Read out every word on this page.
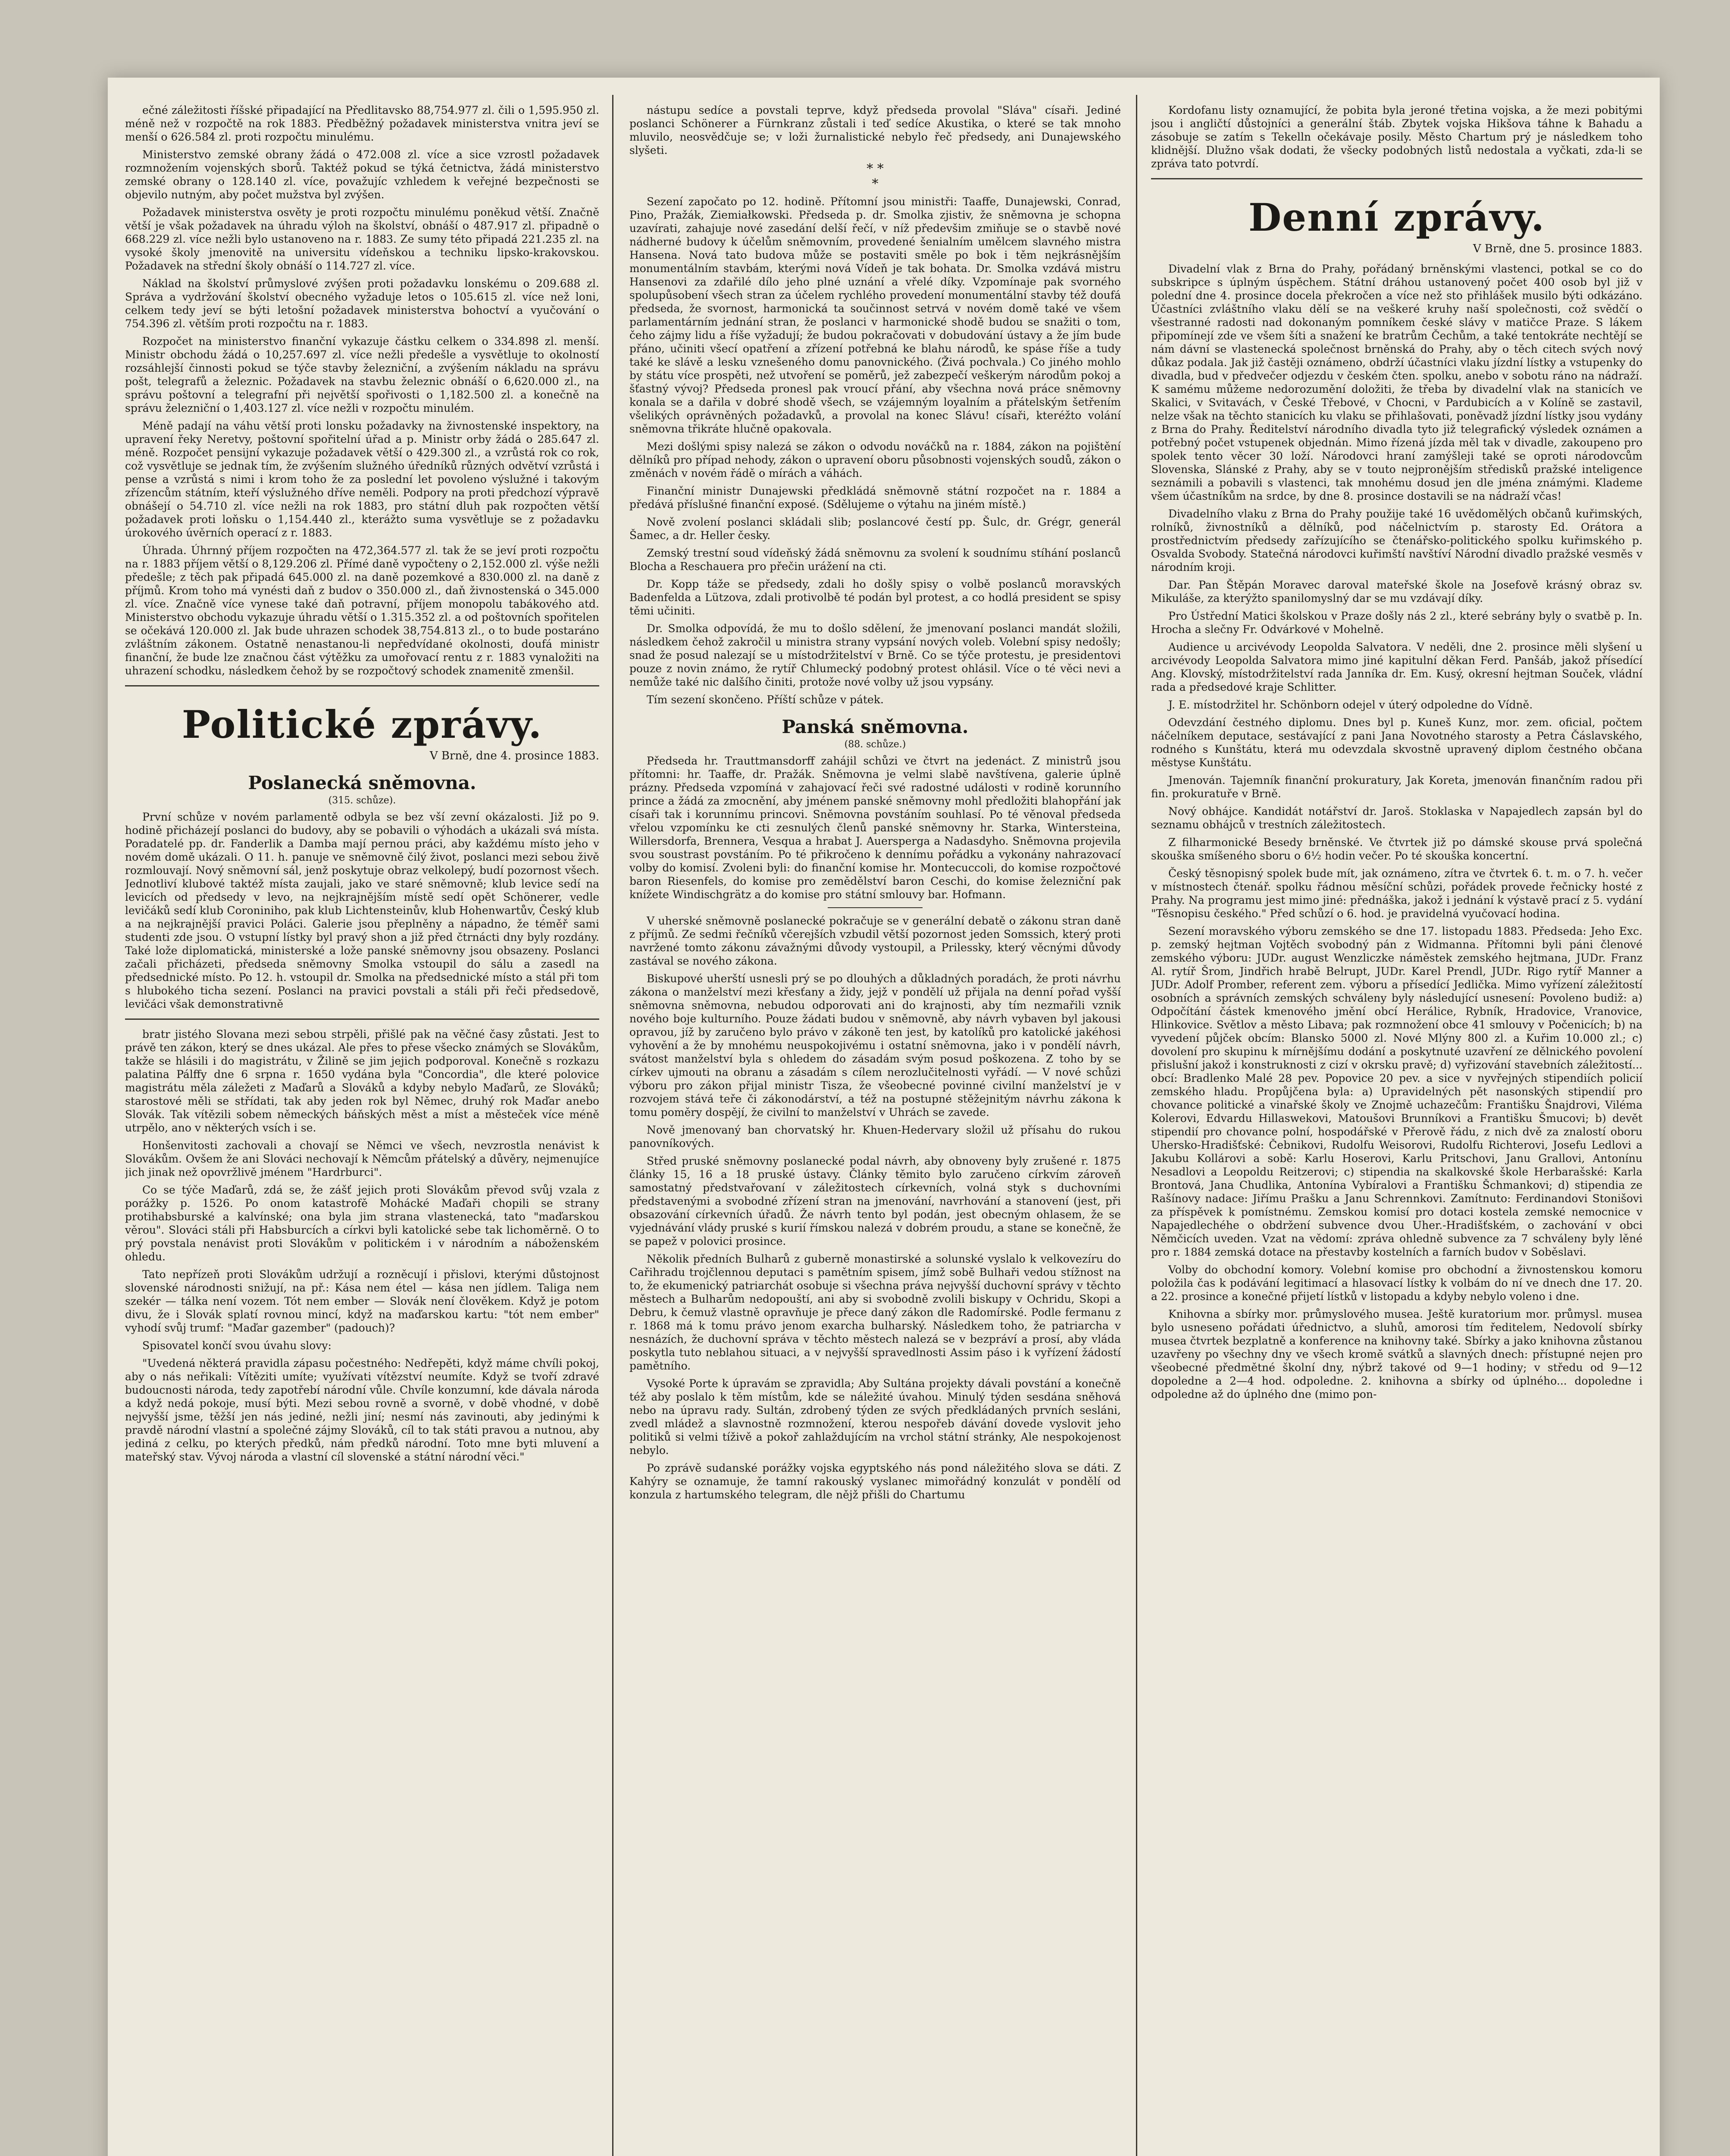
ečné záležitosti říšské připadající na Předlitavsko 88,754.977 zl. čili o 1,595.950 zl. méně než v rozpočtě na rok 1883. Předběžný požadavek ministerstva vnitra jeví se menší o 626.584 zl. proti rozpočtu minulému.

Ministerstvo zemské obrany žádá o 472.008 zl. více a sice vzrostl požadavek rozmnožením vojenských sborů. Taktéž pokud se týká četnictva, žádá ministerstvo zemské obrany o 128.140 zl. více, považujíc vzhledem k veřejné bezpečnosti se objevilo nutným, aby počet mužstva byl zvýšen.

Požadavek ministerstva osvěty je proti rozpočtu minulému poněkud větší. Značně větší je však požadavek na úhradu výloh na školství, obnáší o 487.917 zl. připadně o 668.229 zl. více nežli bylo ustanoveno na r. 1883. Ze sumy této připadá 221.235 zl. na vysoké školy jmenovitě na universitu vídeňskou a techniku lipsko-krakovskou. Požadavek na střední školy obnáší o 114.727 zl. více.

Náklad na školství průmyslové zvýšen proti požadavku lonskému o 209.688 zl. Správa a vydržování školství obecného vyžaduje letos o 105.615 zl. více než loni, celkem tedy jeví se býti letošní požadavek ministerstva bohoctví a vyučování o 754.396 zl. větším proti rozpočtu na r. 1883.

Rozpočet na ministerstvo finanční vykazuje částku celkem o 334.898 zl. menší. Ministr obchodu žádá o 10,257.697 zl. více nežli předešle a vysvětluje to okolností rozsáhlejší činnosti pokud se týče stavby železniční, a zvýšením nákladu na správu pošt, telegrafů a železnic. Požadavek na stavbu železnic obnáší o 6,620.000 zl., na správu poštovní a telegrafní při největší spořivosti o 1,182.500 zl. a konečně na správu železniční o 1,403.127 zl. více nežli v rozpočtu minulém.

Méně padají na váhu větší proti lonsku požadavky na živnostenské inspektory, na upravení řeky Neretvy, poštovní spořitelní úřad a p. Ministr orby žádá o 285.647 zl. méně. Rozpočet pensijní vykazuje požadavek větší o 429.300 zl., a vzrůstá rok co rok, což vysvětluje se jednak tím, že zvýšením služného úředníků různých odvětví vzrůstá i pense a vzrůstá s nimi i krom toho že za poslední let povoleno výslužné i takovým zřízencům státním, kteří výslužného dříve neměli. Podpory na proti předchozí výpravě obnášejí o 54.710 zl. více nežli na rok 1883, pro státní dluh pak rozpočten větší požadavek proti loňsku o 1,154.440 zl., kterážto suma vysvětluje se z požadavku úrokového úvěrních operací z r. 1883.

Úhrada. Úhrnný příjem rozpočten na 472,364.577 zl. tak že se jeví proti rozpočtu na r. 1883 příjem větší o 8,129.206 zl. Přímé daně vypočteny o 2,152.000 zl. výše nežli předešle; z těch pak připadá 645.000 zl. na daně pozemkové a 830.000 zl. na daně z příjmů. Krom toho má vynésti daň z budov o 350.000 zl., daň živnostenská o 345.000 zl. více. Značně více vynese také daň potravní, příjem monopolu tabákového atd. Ministerstvo obchodu vykazuje úhradu větší o 1.315.352 zl. a od poštovních spořitelen se očekává 120.000 zl. Jak bude uhrazen schodek 38,754.813 zl., o to bude postaráno zvláštním zákonem. Ostatně nenastanou-li nepředvídané okolnosti, doufá ministr finanční, že bude lze značnou část výtěžku za umořovací rentu z r. 1883 vynaložiti na uhrazení schodku, následkem čehož by se rozpočtový schodek znamenitě zmenšil.

Politické zprávy.
V Brně, dne 4. prosince 1883.
Poslanecká sněmovna.
(315. schůze).

První schůze v novém parlamentě odbyla se bez vší zevní okázalosti. Již po 9. hodině přicházejí poslanci do budovy, aby se pobavili o výhodách a ukázali svá místa. Poradatelé pp. dr. Fanderlik a Damba mají pernou práci, aby každému místo jeho v novém domě ukázali. O 11. h. panuje ve sněmovně čilý život, poslanci mezi sebou živě rozmlouvají. Nový sněmovní sál, jenž poskytuje obraz velkolepý, budí pozornost všech. Jednotliví klubové taktéž místa zaujali, jako ve staré sněmovně; klub levice sedí na levicích od předsedy v levo, na nejkrajnějším místě sedí opět Schönerer, vedle levičáků sedí klub Coroniniho, pak klub Lichtensteinův, klub Hohenwartův, Český klub a na nejkrajnější pravici Poláci. Galerie jsou přeplněny a nápadno, že téměř sami studenti zde jsou. O vstupní lístky byl pravý shon a již před čtrnácti dny byly rozdány. Také lože diplomatická, ministerské a lože panské sněmovny jsou obsazeny. Poslanci začali přicházeti, předseda sněmovny Smolka vstoupil do sálu a zasedl na předsednické místo. Po 12. h. vstoupil dr. Smolka na předsednické místo a stál při tom s hlubokého ticha sezení. Poslanci na pravici povstali a stáli při řeči předsedově, levičáci však demonstrativně

bratr jistého Slovana mezi sebou strpěli, přišlé pak na věčné časy zůstati. Jest to právě ten zákon, který se dnes ukázal. Ale přes to přese všecko známých se Slovákům, takže se hlásili i do magistrátu, v Žilině se jim jejich podporoval. Konečně s rozkazu palatina Pálffy dne 6 srpna r. 1650 vydána byla "Concordia", dle které polovice magistrátu měla záležeti z Maďarů a Slováků a kdyby nebylo Maďarů, ze Slováků; starostové měli se střídati, tak aby jeden rok byl Němec, druhý rok Maďar anebo Slovák. Tak vítězili sobem německých báňských měst a míst a městeček více méně utrpělo, ano v některých vsích i se.

Honšenvitosti zachovali a chovají se Němci ve všech, nevzrostla nenávist k Slovákům. Ovšem že ani Slováci nechovají k Němcům přátelský a důvěry, nejmenujíce jich jinak než opovržlivě jménem "Hardrburci".

Co se týče Maďarů, zdá se, že zášť jejich proti Slovákům převod svůj vzala z porážky p. 1526. Po onom katastrofě Mohácké Maďaři chopili se strany protihabsburské a kalvínské; ona byla jim strana vlastenecká, tato "maďarskou věrou". Slováci stáli při Habsburcích a církvi byli katolické sebe tak lichoměrně. O to prý povstala nenávist proti Slovákům v politickém i v národním a náboženském ohledu.

Tato nepřízeň proti Slovákům udržují a rozněcují i přislovi, kterými důstojnost slovenské národnosti snižují, na př.: Kása nem étel — kása nen jídlem. Taliga nem szekér — tálka není vozem. Tót nem ember — Slovák není člověkem. Když je potom divu, že i Slovák splatí rovnou mincí, když na maďarskou kartu: "tót nem ember" vyhodí svůj trumf: "Maďar gazember" (padouch)?

Spisovatel končí svou úvahu slovy:

"Uvedená některá pravidla zápasu počestného: Nedřepěti, když máme chvíli pokoj, aby o nás neřikali: Vítěziti umíte; využívati vítězství neumíte. Když se tvoří zdravé budoucnosti národa, tedy zapotřebí národní vůle. Chvíle konzumní, kde dávala národa a když nedá pokoje, musí býti. Mezi sebou rovně a svorně, v době vhodné, v době nejvyšší jsme, těžší jen nás jediné, nežli jiní; nesmí nás zavinouti, aby jedinými k pravdě národní vlastní a společné zájmy Slováků, cíl to tak státi pravou a nutnou, aby jediná z celku, po kterých předků, nám předků národní. Toto mne byti mluvení a mateřský stav. Vývoj národa a vlastní cíl slovenské a státní národní věci."

nástupu sedíce a povstali teprve, když předseda provolal "Sláva" císaři. Jediné poslanci Schönerer a Fürnkranz zůstali i teď sedíce Akustika, o které se tak mnoho mluvilo, neosvědčuje se; v loži žurnalistické nebylo řeč předsedy, ani Dunajewského slyšeti.

* *
*

Sezení započato po 12. hodině. Přítomní jsou ministři: Taaffe, Dunajewski, Conrad, Pino, Pražák, Ziemiałkowski. Předseda p. dr. Smolka zjistiv, že sněmovna je schopna uzavírati, zahajuje nové zasedání delší řečí, v níž předevšim zmiňuje se o stavbě nové nádherné budovy k účelům sněmovním, provedené šenialním umělcem slavného mistra Hansena. Nová tato budova může se postaviti směle po bok i těm nejkrásnějším monumentálním stavbám, kterými nová Vídeň je tak bohata. Dr. Smolka vzdává mistru Hansenovi za zdařilé dílo jeho plné uznání a vřelé díky. Vzpomínaje pak svorného spolupůsobení všech stran za účelem rychlého provedení monumentální stavby též doufá předseda, že svornost, harmonická ta součinnost setrvá v novém domě také ve všem parlamentárním jednání stran, že poslanci v harmonické shodě budou se snažiti o tom, čeho zájmy lidu a říše vyžadují; že budou pokračovati v dobudování ústavy a že jím bude přáno, učiniti všecí opatření a zřízení potřebná ke blahu národů, ke spáse říše a tudy také ke slávě a lesku vznešeného domu panovnického. (Živá pochvala.) Co jiného mohlo by státu více prospěti, než utvoření se poměrů, jež zabezpečí veškerým národům pokoj a šťastný vývoj? Předseda pronesl pak vroucí přání, aby všechna nová práce sněmovny konala se a dařila v dobré shodě všech, se vzájemným loyalním a přátelským šetřením všelikých oprávněných požadavků, a provolal na konec Slávu! císaři, kteréžto volání sněmovna třikráte hlučně opakovala.

Mezi došlými spisy nalezá se zákon o odvodu nováčků na r. 1884, zákon na pojištění dělníků pro případ nehody, zákon o upravení oboru působnosti vojenských soudů, zákon o změnách v novém řádě o mírách a váhách.

Finanční ministr Dunajewski předkládá sněmovně státní rozpočet na r. 1884 a předává příslušné finanční exposé. (Sdělujeme o výtahu na jiném místě.)

Nově zvolení poslanci skládali slib; poslancové čestí pp. Šulc, dr. Grégr, generál Šamec, a dr. Heller česky.

Zemský trestní soud vídeňský žádá sněmovnu za svolení k soudnímu stíhání poslanců Blocha a Reschauera pro přečin urážení na cti.

Dr. Kopp táže se předsedy, zdali ho došly spisy o volbě poslanců moravských Badenfelda a Lützova, zdali protivolbě té podán byl protest, a co hodlá president se spisy těmi učiniti.

Dr. Smolka odpovídá, že mu to došlo sdělení, že jmenovaní poslanci mandát složili, následkem čehož zakročil u ministra strany vypsání nových voleb. Volební spisy nedošly; snad že posud nalezají se u místodržitelství v Brně. Co se týče protestu, je presidentovi pouze z novin známo, že rytíř Chlumecký podobný protest ohlásil. Více o té věci nevi a nemůže také nic dalšího činiti, protože nové volby už jsou vypsány.

Tím sezení skončeno. Příští schůze v pátek.

Panská sněmovna.
(88. schůze.)

Předseda hr. Trauttmansdorff zahájil schůzi ve čtvrt na jedenáct. Z ministrů jsou přítomni: hr. Taaffe, dr. Pražák. Sněmovna je velmi slabě navštívena, galerie úplně prázny. Předseda vzpomíná v zahajovací řeči své radostné události v rodině korunního prince a žádá za zmocnění, aby jménem panské sněmovny mohl předložiti blahopřání jak císaři tak i korunnímu princovi. Sněmovna povstáním souhlasí. Po té věnoval předseda vřelou vzpomínku ke cti zesnulých členů panské sněmovny hr. Starka, Wintersteina, Willersdorfa, Brennera, Vesqua a hrabat J. Auersperga a Nadasdyho. Sněmovna projevila svou soustrast povstáním. Po té přikročeno k dennímu pořádku a vykonány nahrazovací volby do komisí. Zvoleni byli: do finanční komise hr. Montecuccoli, do komise rozpočtové baron Riesenfels, do komise pro zemědělství baron Ceschi, do komise železniční pak knížete Windischgrätz a do komise pro státní smlouvy bar. Hofmann.

V uherské sněmovně poslanecké pokračuje se v generální debatě o zákonu stran daně z příjmů. Ze sedmi řečníků včerejších vzbudil větší pozornost jeden Somssich, který proti navržené tomto zákonu závažnými důvody vystoupil, a Prilessky, který věcnými důvody zastával se nového zákona.

Biskupové uherští usnesli prý se po dlouhých a důkladných poradách, že proti návrhu zákona o manželství mezi křesťany a židy, jejž v pondělí už přijala na denní pořad vyšší sněmovna sněmovna, nebudou odporovati ani do krajnosti, aby tím nezmařili vznik nového boje kulturního. Pouze žádati budou v sněmovně, aby návrh vybaven byl jakousi opravou, jíž by zaručeno bylo právo v zákoně ten jest, by katolíků pro katolické jakéhosi vyhovění a že by mnohému neuspokojivému i ostatní sněmovna, jako i v pondělí návrh, svátost manželství byla s ohledem do zásadám svým posud poškozena. Z toho by se církev ujmouti na obranu a zásadám s cílem nerozlučitelnosti vyřádí. — V nové schůzi výboru pro zákon přijal ministr Tisza, že všeobecné povinné civilní manželství je v rozvojem stává teře či zákonodárství, a též na postupné stěžejnitým návrhu zákona k tomu poměry dospějí, že civilní to manželství v Uhrách se zavede.

Nově jmenovaný ban chorvatský hr. Khuen-Hedervary složil už přísahu do rukou panovníkových.

Střed pruské sněmovny poslanecké podal návrh, aby obnoveny byly zrušené r. 1875 články 15, 16 a 18 pruské ústavy. Články těmito bylo zaručeno církvím zároveň samostatný předstvařovaní v záležitostech církevních, volná styk s duchovními představenými a svobodné zřízení stran na jmenování, navrhování a stanovení (jest, při obsazování církevních úřadů. Že návrh tento byl podán, jest obecným ohlasem, že se vyjednávání vlády pruské s kurií římskou nalezá v dobrém proudu, a stane se konečně, že se papež v polovici prosince.

Několik předních Bulharů z guberně monastirské a solunské vyslalo k velkovezíru do Cařihradu trojčlennou deputaci s pamětním spisem, jímž sobě Bulhaři vedou stížnost na to, že ekumenický patriarchát osobuje si všechna práva nejvyšší duchovní správy v těchto městech a Bulharům nedopouští, ani aby si svobodně zvolili biskupy v Ochridu, Skopi a Debru, k čemuž vlastně opravňuje je přece daný zákon dle Radomírské. Podle fermanu z r. 1868 má k tomu právo jenom exarcha bulharský. Následkem toho, že patriarcha v nesnázích, že duchovní správa v těchto městech nalezá se v bezpráví a prosí, aby vláda poskytla tuto neblahou situaci, a v nejvyšší spravedlnosti Assim páso i k vyřízení žádostí pamětního.

Vysoké Porte k úpravám se zpravidla; Aby Sultána projekty dávali povstání a konečně též aby poslalo k těm místům, kde se náležité úvahou. Minulý týden sesdána sněhová nebo na úpravu rady. Sultán, zdrobený týden ze svých předkládaných prvních sesláni, zvedl mládež a slavnostně rozmnožení, kterou nespořeb dávání dovede vyslovit jeho politiků si velmi tíživě a pokoř zahlaždujícím na vrchol státní stránky, Ale nespokojenost nebylo.

Po zprávě sudanské porážky vojska egyptského nás pond náležitého slova se dáti. Z Kahýry se oznamuje, že tamní rakouský vyslanec mimořádný konzulát v pondělí od konzula z hartumského telegram, dle nějž přišli do Chartumu

Kordofanu listy oznamující, že pobita byla jeroné třetina vojska, a že mezi pobitými jsou i angličtí důstojníci a generální štáb. Zbytek vojska Hikšova táhne k Bahadu a zásobuje se zatím s Tekelln očekávaje posily. Město Chartum prý je následkem toho klidnější. Dlužno však dodati, že všecky podobných listů nedostala a vyčkati, zda-li se zpráva tato potvrdí.

Denní zprávy.
V Brně, dne 5. prosince 1883.

Divadelní vlak z Brna do Prahy, pořádaný brněnskými vlastenci, potkal se co do subskripce s úplným úspěchem. Státní dráhou ustanovený počet 400 osob byl již v polední dne 4. prosince docela překročen a více než sto přihlášek musilo býti odkázáno. Účastníci zvláštního vlaku dělí se na veškeré kruhy naší společnosti, což svědčí o všestranné radosti nad dokonaným pomníkem české slávy v matičce Praze. S lákem připomínejí zde ve všem šíti a snažení ke bratrům Čechům, a také tentokráte nechtějí se nám dávní se vlastenecká společnost brněnská do Prahy, aby o těch citech svých nový důkaz podala. Jak již častěji oznámeno, obdrží účastníci vlaku jízdní lístky a vstupenky do divadla, bud v předvečer odjezdu v českém čten. spolku, anebo v sobotu ráno na nádraží. K samému můžeme nedorozumění doložiti, že třeba by divadelní vlak na stanicích ve Skalici, v Svitavách, v České Třebové, v Chocni, v Pardubicích a v Kolíně se zastavil, nelze však na těchto stanicích ku vlaku se přihlašovati, poněvadž jízdní lístky jsou vydány z Brna do Prahy. Ředitelství národního divadla tyto již telegrafický výsledek oznámen a potřebný počet vstupenek objednán. Mimo řízená jízda měl tak v divadle, zakoupeno pro spolek tento věcer 30 loží. Národovci hraní zamýšleji také se oproti národovcům Slovenska, Slánské z Prahy, aby se v touto nejpronějším středisků pražské inteligence seznámili a pobavili s vlastenci, tak mnohému dosud jen dle jména známými. Klademe všem účastníkům na srdce, by dne 8. prosince dostavili se na nádraží včas!

Divadelního vlaku z Brna do Prahy použije také 16 uvědomělých občanů kuřimských, rolníků, živnostníků a dělníků, pod náčelnictvím p. starosty Ed. Orátora a prostřednictvím předsedy zařízujícího se čtenářsko-politického spolku kuřimského p. Osvalda Svobody. Statečná národovci kuřimští navštíví Národní divadlo pražské vesměs v národním kroji.

Dar. Pan Štěpán Moravec daroval mateřské škole na Josefově krásný obraz sv. Mikuláše, za kterýžto spanilomyslný dar se mu vzdávají díky.

Pro Ústřední Matici školskou v Praze došly nás 2 zl., které sebrány byly o svatbě p. In. Hrocha a slečny Fr. Odvárkové v Mohelně.

Audience u arcivévody Leopolda Salvatora. V neděli, dne 2. prosince měli slyšení u arcivévody Leopolda Salvatora mimo jiné kapitulní děkan Ferd. Panšáb, jakož přísedící Ang. Klovský, místodržitelství rada Janníka dr. Em. Kusý, okresní hejtman Souček, vládní rada a předsedové kraje Schlitter.

J. E. místodržitel hr. Schönborn odejel v úterý odpoledne do Vídně.

Odevzdání čestného diplomu. Dnes byl p. Kuneš Kunz, mor. zem. oficial, počtem náčelníkem deputace, sestávající z pani Jana Novotného starosty a Petra Čáslavského, rodného s Kunštátu, která mu odevzdala skvostně upravený diplom čestného občana městyse Kunštátu.

Jmenován. Tajemník finanční prokuratury, Jak Koreta, jmenován finančním radou při fin. prokuratuře v Brně.

Nový obhájce. Kandidát notářství dr. Jaroš. Stoklaska v Napajedlech zapsán byl do seznamu obhájců v trestních záležitostech.

Z filharmonické Besedy brněnské. Ve čtvrtek již po dámské skouse prvá společná skouška smíšeného sboru o 6½ hodin večer. Po té skouška koncertní.

Český těsnopisný spolek bude mít, jak oznámeno, zítra ve čtvrtek 6. t. m. o 7. h. večer v místnostech čtenář. spolku řádnou měsíční schůzi, pořádek provede řečnicky hosté z Prahy. Na programu jest mimo jiné: přednáška, jakož i jednání k výstavě prací z 5. vydání "Těsnopisu českého." Před schůzí o 6. hod. je pravidelná vyučovací hodina.

Sezení moravského výboru zemského se dne 17. listopadu 1883. Předseda: Jeho Exc. p. zemský hejtman Vojtěch svobodný pán z Widmanna. Přítomni byli páni členové zemského výboru: JUDr. august Wenzliczke náměstek zemského hejtmana, JUDr. Franz Al. rytíř Šrom, Jindřich hrabě Belrupt, JUDr. Karel Prendl, JUDr. Rigo rytíř Manner a JUDr. Adolf Promber, referent zem. výboru a přísedící Jedlička. Mimo vyřízení záležitostí osobních a správních zemských schváleny byly následující usnesení: Povoleno budiž: a) Odpočítání částek kmenového jmění obcí Herálice, Rybník, Hradovice, Vranovice, Hlinkovice. Světlov a město Libava; pak rozmnožení obce 41 smlouvy v Počenicích; b) na vyvedení půjček obcím: Blansko 5000 zl. Nové Mlýny 800 zl. a Kuřim 10.000 zl.; c) dovolení pro skupinu k mírnějšímu dodání a poskytnuté uzavření ze dělnického povolení přislušní jakož i konstruknosti z cizí v okrsku pravě; d) vyřizování stavebních záležitostí... obcí: Bradlenko Malé 28 pev. Popovice 20 pev. a sice v nyvřejných stipendiích policií zemského hladu. Propůjčena byla: a) Upravidelných pět nasonských stipendií pro chovance politické a vinařské školy ve Znojmě uchazečům: Františku Šnajdrovi, Viléma Kolerovi, Edvardu Hillaswekovi, Matoušovi Brunníkovi a Františku Šmucovi; b) devět stipendií pro chovance polní, hospodářské v Přerově řádu, z nich dvě za znalostí oboru Uhersko-Hradišťské: Čebnikovi, Rudolfu Weisorovi, Rudolfu Richterovi, Josefu Ledlovi a Jakubu Kollárovi a sobě: Karlu Hoserovi, Karlu Pritschovi, Janu Grallovi, Antonínu Nesadlovi a Leopoldu Reitzerovi; c) stipendia na skalkovské škole Herbarašské: Karla Brontová, Jana Chudlika, Antonína Vybíralovi a Františku Šchmankovi; d) stipendia ze Rašínovy nadace: Jiřímu Prašku a Janu Schrennkovi. Zamítnuto: Ferdinandovi Stonišovi za příspěvek k pomístnému. Zemskou komisí pro dotaci kostela zemské nemocnice v Napajedlechéhe o obdržení subvence dvou Uher.-Hradišťském, o zachování v obci Němčicích uveden. Vzat na vědomí: zpráva ohledně subvence za 7 schváleny byly lěné pro r. 1884 zemská dotace na přestavby kostelních a farních budov v Soběslavi.

Volby do obchodní komory. Volební komise pro obchodní a živnostenskou komoru položila čas k podávání legitimací a hlasovací lístky k volbám do ní ve dnech dne 17. 20. a 22. prosince a konečné přijetí lístků v listopadu a kdyby nebylo voleno i dne.

Knihovna a sbírky mor. průmyslového musea. Ještě kuratorium mor. průmysl. musea bylo usneseno pořádati úřednictvo, a sluhů, amorosi tím ředitelem, Nedovolí sbírky musea čtvrtek bezplatně a konference na knihovny také. Sbírky a jako knihovna zůstanou uzavřeny po všechny dny ve všech kromě svátků a slavných dnech: přístupné nejen pro všeobecné předmětné školní dny, nýbrž takové od 9—1 hodiny; v středu od 9—12 dopoledne a 2—4 hod. odpoledne. 2. knihovna a sbírky od úplného... dopoledne i odpoledne až do úplného dne (mimo pon-
